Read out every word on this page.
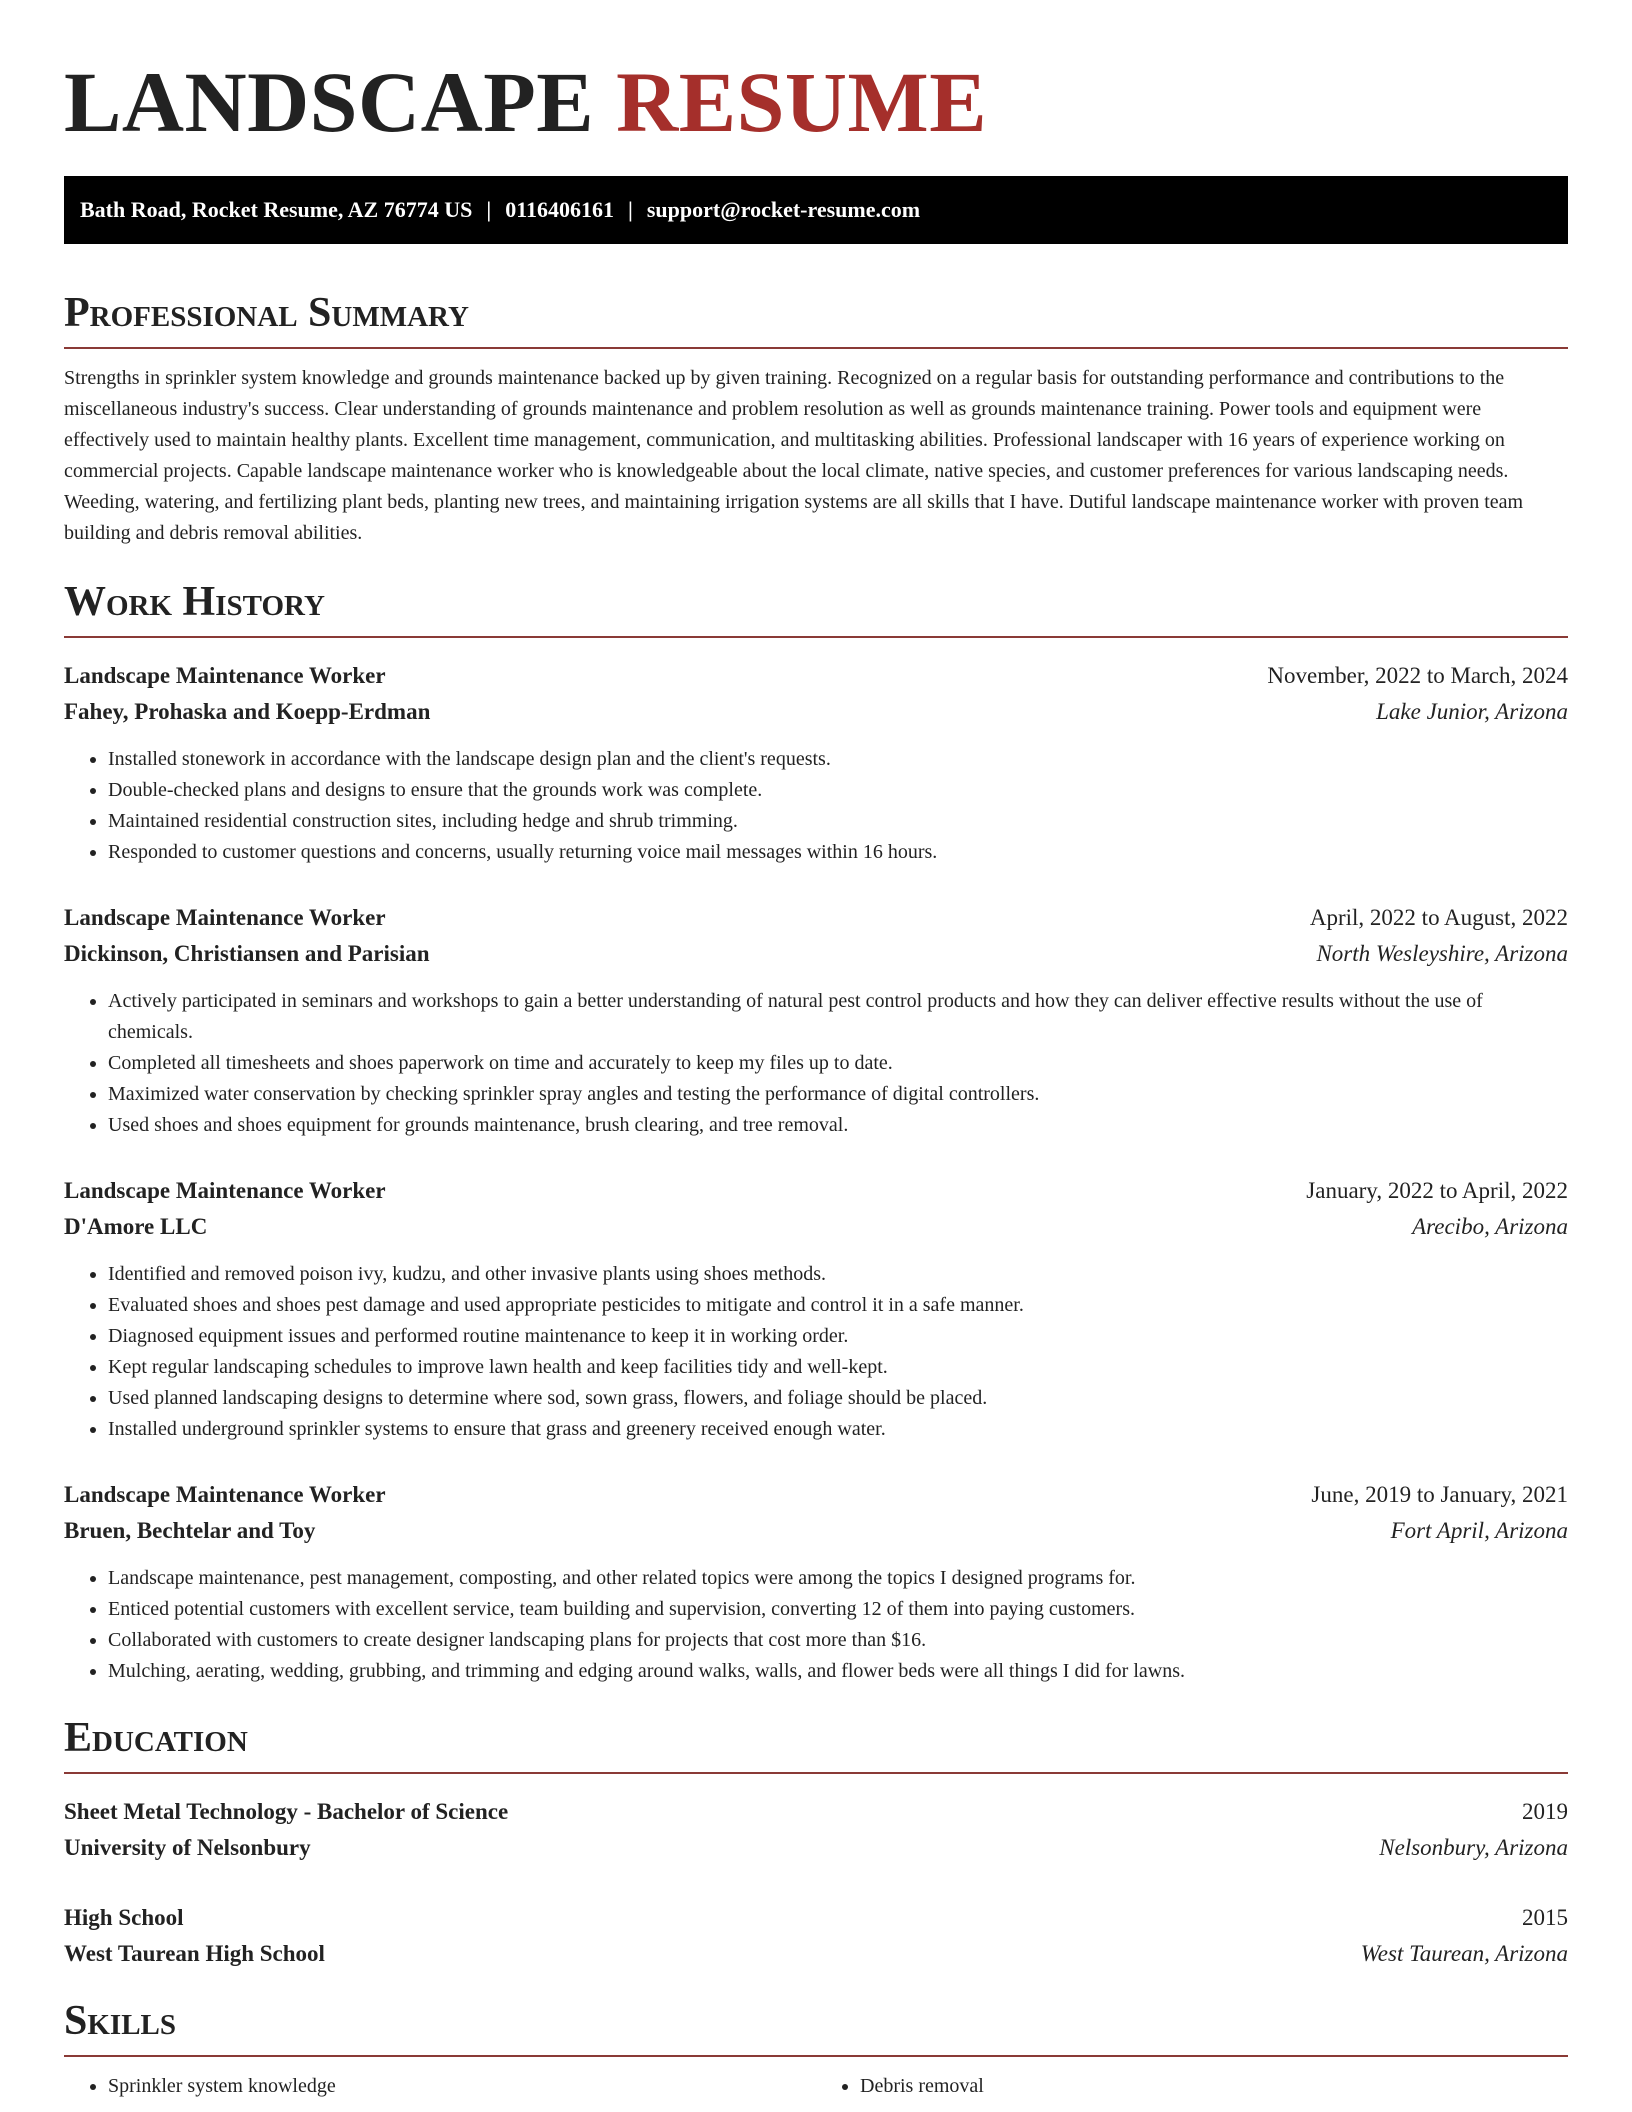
LANDSCAPE RESUME
Bath Road, Rocket Resume, AZ 76774 US | 0116406161 | support@rocket-resume.com
Professional Summary

Strengths in sprinkler system knowledge and grounds maintenance backed up by given training. Recognized on a regular basis for outstanding performance and contributions to the miscellaneous industry's success. Clear understanding of grounds maintenance and problem resolution as well as grounds maintenance training. Power tools and equipment were effectively used to maintain healthy plants. Excellent time management, communication, and multitasking abilities. Professional landscaper with 16 years of experience working on commercial projects. Capable landscape maintenance worker who is knowledgeable about the local climate, native species, and customer preferences for various landscaping needs. Weeding, watering, and fertilizing plant beds, planting new trees, and maintaining irrigation systems are all skills that I have. Dutiful landscape maintenance worker with proven team building and debris removal abilities.

Work History
Landscape Maintenance Worker	November, 2022 to March, 2024
Fahey, Prohaska and Koepp-Erdman	Lake Junior, Arizona
• Installed stonework in accordance with the landscape design plan and the client's requests.
• Double-checked plans and designs to ensure that the grounds work was complete.
• Maintained residential construction sites, including hedge and shrub trimming.
• Responded to customer questions and concerns, usually returning voice mail messages within 16 hours.
Landscape Maintenance Worker	April, 2022 to August, 2022
Dickinson, Christiansen and Parisian	North Wesleyshire, Arizona
• Actively participated in seminars and workshops to gain a better understanding of natural pest control products and how they can deliver effective results without the use of chemicals.
• Completed all timesheets and shoes paperwork on time and accurately to keep my files up to date.
• Maximized water conservation by checking sprinkler spray angles and testing the performance of digital controllers.
• Used shoes and shoes equipment for grounds maintenance, brush clearing, and tree removal.
Landscape Maintenance Worker	January, 2022 to April, 2022
D'Amore LLC	Arecibo, Arizona
• Identified and removed poison ivy, kudzu, and other invasive plants using shoes methods.
• Evaluated shoes and shoes pest damage and used appropriate pesticides to mitigate and control it in a safe manner.
• Diagnosed equipment issues and performed routine maintenance to keep it in working order.
• Kept regular landscaping schedules to improve lawn health and keep facilities tidy and well-kept.
• Used planned landscaping designs to determine where sod, sown grass, flowers, and foliage should be placed.
• Installed underground sprinkler systems to ensure that grass and greenery received enough water.
Landscape Maintenance Worker	June, 2019 to January, 2021
Bruen, Bechtelar and Toy	Fort April, Arizona
• Landscape maintenance, pest management, composting, and other related topics were among the topics I designed programs for.
• Enticed potential customers with excellent service, team building and supervision, converting 12 of them into paying customers.
• Collaborated with customers to create designer landscaping plans for projects that cost more than $16.
• Mulching, aerating, wedding, grubbing, and trimming and edging around walks, walls, and flower beds were all things I did for lawns.
Education
Sheet Metal Technology - Bachelor of Science	2019
University of Nelsonbury	Nelsonbury, Arizona
High School	2015
West Taurean High School	West Taurean, Arizona
Skills
• Sprinkler system knowledge
•	Debris removal
